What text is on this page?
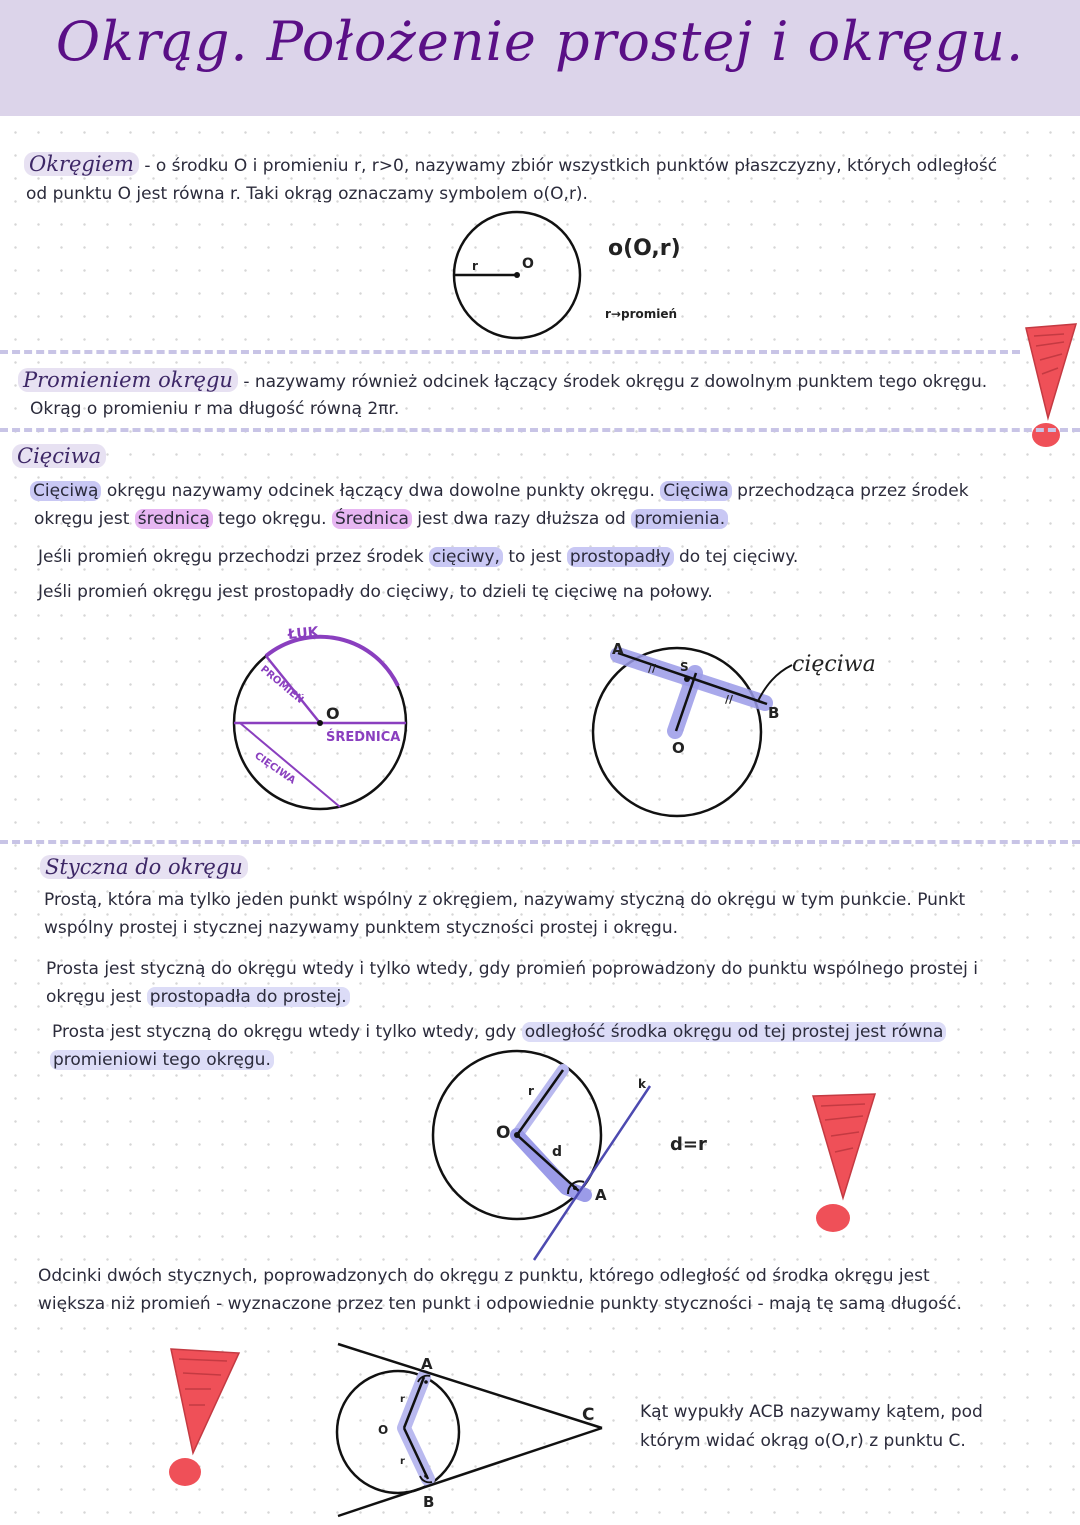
Okrąg. Położenie prostej i okręgu.
Okręgiem - o środku O i promieniu r, r>0, nazywamy zbiór wszystkich punktów płaszczyzny, których odległość
od punktu O jest równa r. Taki okrąg oznaczamy symbolem o(O,r).
r	O
o(O,r)
r→promień
Promieniem okręgu - nazywamy również odcinek łączący środek okręgu z dowolnym punktem tego okręgu.
Okrąg o promieniu r ma długość równą 2πr.
Cięciwa
Cięciwą okręgu nazywamy odcinek łączący dwa dowolne punkty okręgu. Cięciwa przechodząca przez środek
okręgu jest średnicą tego okręgu. Średnica jest dwa razy dłuższa od promienia.
Jeśli promień okręgu przechodzi przez środek cięciwy, to jest prostopadły do tej cięciwy.
Jeśli promień okręgu jest prostopadły do cięciwy, to dzieli tę cięciwę na połowy.
ŁUK
PROMIEŃ
O
ŚREDNICA
CIĘCIWA
A
S
B
O
//
//
cięciwa
Styczna do okręgu
Prostą, która ma tylko jeden punkt wspólny z okręgiem, nazywamy styczną do okręgu w tym punkcie. Punkt
wspólny prostej i stycznej nazywamy punktem styczności prostej i okręgu.
Prosta jest styczną do okręgu wtedy i tylko wtedy, gdy promień poprowadzony do punktu wspólnego prostej i
okręgu jest prostopadła do prostej.
Prosta jest styczną do okręgu wtedy i tylko wtedy, gdy odległość środka okręgu od tej prostej jest równa
promieniowi tego okręgu.
O
r
d
A
k
d=r
Odcinki dwóch stycznych, poprowadzonych do okręgu z punktu, którego odległość od środka okręgu jest
większa niż promień - wyznaczone przez ten punkt i odpowiednie punkty styczności - mają tę samą długość.
A
B
C
O
r
r
Kąt wypukły ACB nazywamy kątem, pod
którym widać okrąg o(O,r) z punktu C.
